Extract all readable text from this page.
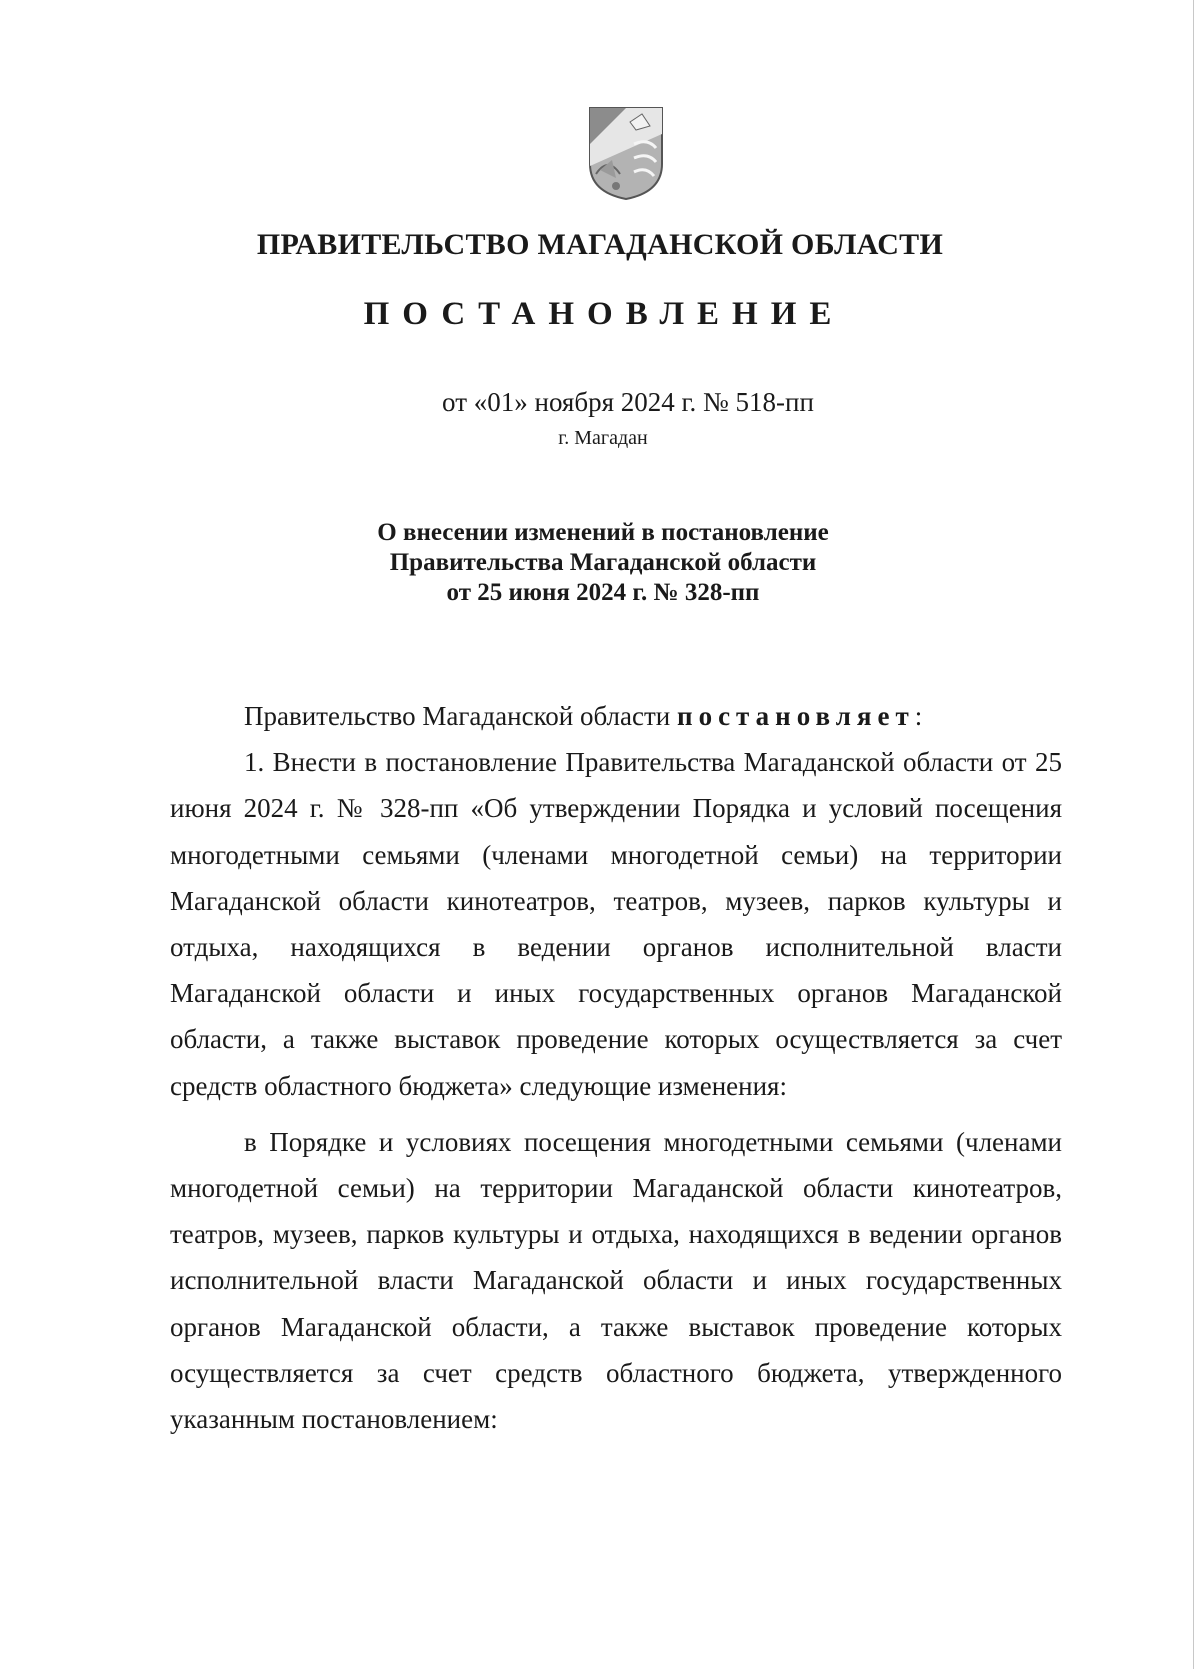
ПРАВИТЕЛЬСТВО МАГАДАНСКОЙ ОБЛАСТИ
ПОСТАНОВЛЕНИЕ
от «01» ноября 2024 г. № 518-пп
г. Магадан
О внесении изменений в постановление
Правительства Магаданской области
от 25 июня 2024 г. № 328-пп

Правительство Магаданской области постановляет:

1. Внести в постановление Правительства Магаданской области от 25 июня 2024 г. № 328-пп «Об утверждении Порядка и условий посещения многодетными семьями (членами многодетной семьи) на территории Магаданской области кинотеатров, театров, музеев, парков культуры и отдыха, находящихся в ведении органов исполнительной власти Магаданской области и иных государственных органов Магаданской области, а также выставок проведение которых осуществляется за счет средств областного бюджета» следующие изменения:

в Порядке и условиях посещения многодетными семьями (членами многодетной семьи) на территории Магаданской области кинотеатров, театров, музеев, парков культуры и отдыха, находящихся в ведении органов исполнительной власти Магаданской области и иных государственных органов Магаданской области, а также выставок проведение которых осуществляется за счет средств областного бюджета, утвержденного указанным постановлением:
